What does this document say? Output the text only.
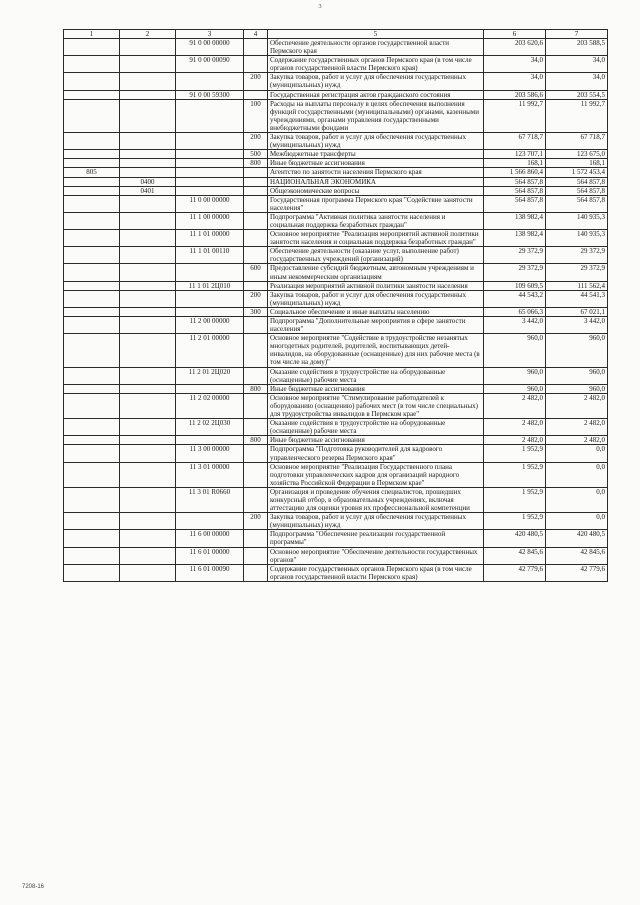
3
1	2	3	4	5	6	7
		91 0 00 00000		Обеспечение деятельности органов государственной власти Пермского края	203 620,6	203 588,5
		91 0 00 00090		Содержание государственных органов Пермского края (в том числе органов государственной власти Пермского края)	34,0	34,0
			200	Закупка товаров, работ и услуг для обеспечения государственных (муниципальных) нужд	34,0	34,0
		91 0 00 59300		Государственная регистрация актов гражданского состояния	203 586,6	203 554,5
			100	Расходы на выплаты персоналу в целях обеспечения выполнения функций государственными (муниципальными) органами, казенными учреждениями, органами управления государственными внебюджетными фондами	11 992,7	11 992,7
			200	Закупка товаров, работ и услуг для обеспечения государственных (муниципальных) нужд	67 718,7	67 718,7
			500	Межбюджетные трансферты	123 707,1	123 675,0
			800	Иные бюджетные ассигнования	168,1	168,1
805				Агентство по занятости населения Пермского края	1 566 860,4	1 572 453,4
	0400			НАЦИОНАЛЬНАЯ ЭКОНОМИКА	564 857,8	564 857,8
	0401			Общеэкономические вопросы	564 857,8	564 857,8
		11 0 00 00000		Государственная программа Пермского края "Содействие занятости населения"	564 857,8	564 857,8
		11 1 00 00000		Подпрограмма "Активная политика занятости населения и социальная поддержка безработных граждан"	138 982,4	140 935,3
		11 1 01 00000		Основное мероприятие "Реализация мероприятий активной политики занятости населения и социальная поддержка безработных граждан"	138 982,4	140 935,3
		11 1 01 00110		Обеспечение деятельности (оказание услуг, выполнение работ) государственных учреждений (организаций)	29 372,9	29 372,9
			600	Предоставление субсидий бюджетным, автономным учреждениям и иным некоммерческим организациям	29 372,9	29 372,9
		11 1 01 2Ц010		Реализация мероприятий активной политики занятости населения	109 609,5	111 562,4
			200	Закупка товаров, работ и услуг для обеспечения государственных (муниципальных) нужд	44 543,2	44 541,3
			300	Социальное обеспечение и иные выплаты населению	65 066,3	67 021,1
		11 2 00 00000		Подпрограмма "Дополнительные мероприятия в сфере занятости населения"	3 442,0	3 442,0
		11 2 01 00000		Основное мероприятие "Содействие в трудоустройстве незанятых многодетных родителей, родителей, воспитывающих детей-инвалидов, на оборудованные (оснащенные) для них рабочие места (в том числе на дому)"	960,0	960,0
		11 2 01 2Ц020		Оказание содействия в трудоустройстве на оборудованные (оснащенные) рабочие места	960,0	960,0
			800	Иные бюджетные ассигнования	960,0	960,0
		11 2 02 00000		Основное мероприятие "Стимулирование работодателей к оборудованию (оснащению) рабочих мест (в том числе специальных) для трудоустройства инвалидов в Пермском крае"	2 482,0	2 482,0
		11 2 02 2Ц030		Оказание содействия в трудоустройстве на оборудованные (оснащенные) рабочие места	2 482,0	2 482,0
			800	Иные бюджетные ассигнования	2 482,0	2 482,0
		11 3 00 00000		Подпрограмма "Подготовка руководителей для кадрового управленческого резерва Пермского края"	1 952,9	0,0
		11 3 01 00000		Основное мероприятие "Реализация Государственного плана подготовки управленческих кадров для организаций народного хозяйства Российской Федерации в Пермском крае"	1 952,9	0,0
		11 3 01 R0660		Организация и проведение обучения специалистов, прошедших конкурсный отбор, в образовательных учреждениях, включая аттестацию для оценки уровня их профессиональной компетенции	1 952,9	0,0
			200	Закупка товаров, работ и услуг для обеспечения государственных (муниципальных) нужд	1 952,9	0,0
		11 6 00 00000		Подпрограмма "Обеспечение реализации государственной программы"	420 480,5	420 480,5
		11 6 01 00000		Основное мероприятие "Обеспечение деятельности государственных органов"	42 845,6	42 845,6
		11 6 01 00090		Содержание государственных органов Пермского края (в том числе органов государственной власти Пермского края)	42 779,6	42 779,6
7208-16
